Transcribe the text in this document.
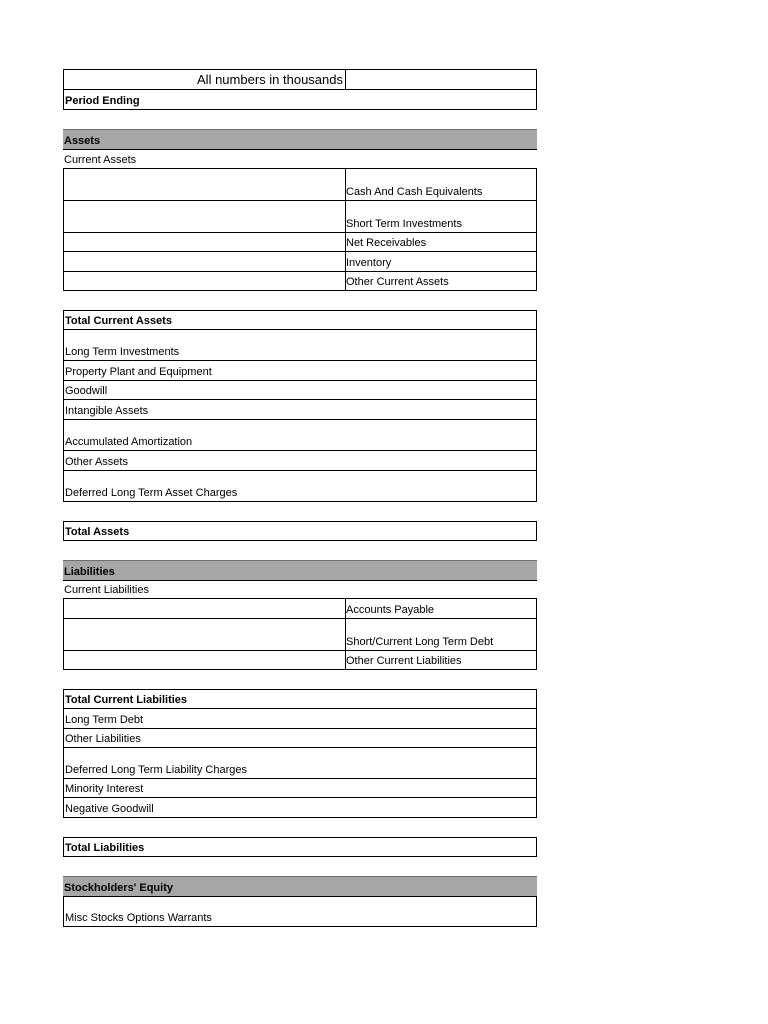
All numbers in thousands
Period Ending
Assets
Current Assets
Cash And Cash Equivalents
Short Term Investments
Net Receivables
Inventory
Other Current Assets
Total Current Assets
Long Term Investments
Property Plant and Equipment
Goodwill
Intangible Assets
Accumulated Amortization
Other Assets
Deferred Long Term Asset Charges
Total Assets
Liabilities
Current Liabilities
Accounts Payable
Short/Current Long Term Debt
Other Current Liabilities
Total Current Liabilities
Long Term Debt
Other Liabilities
Deferred Long Term Liability Charges
Minority Interest
Negative Goodwill
Total Liabilities
Stockholders' Equity
Misc Stocks Options Warrants
